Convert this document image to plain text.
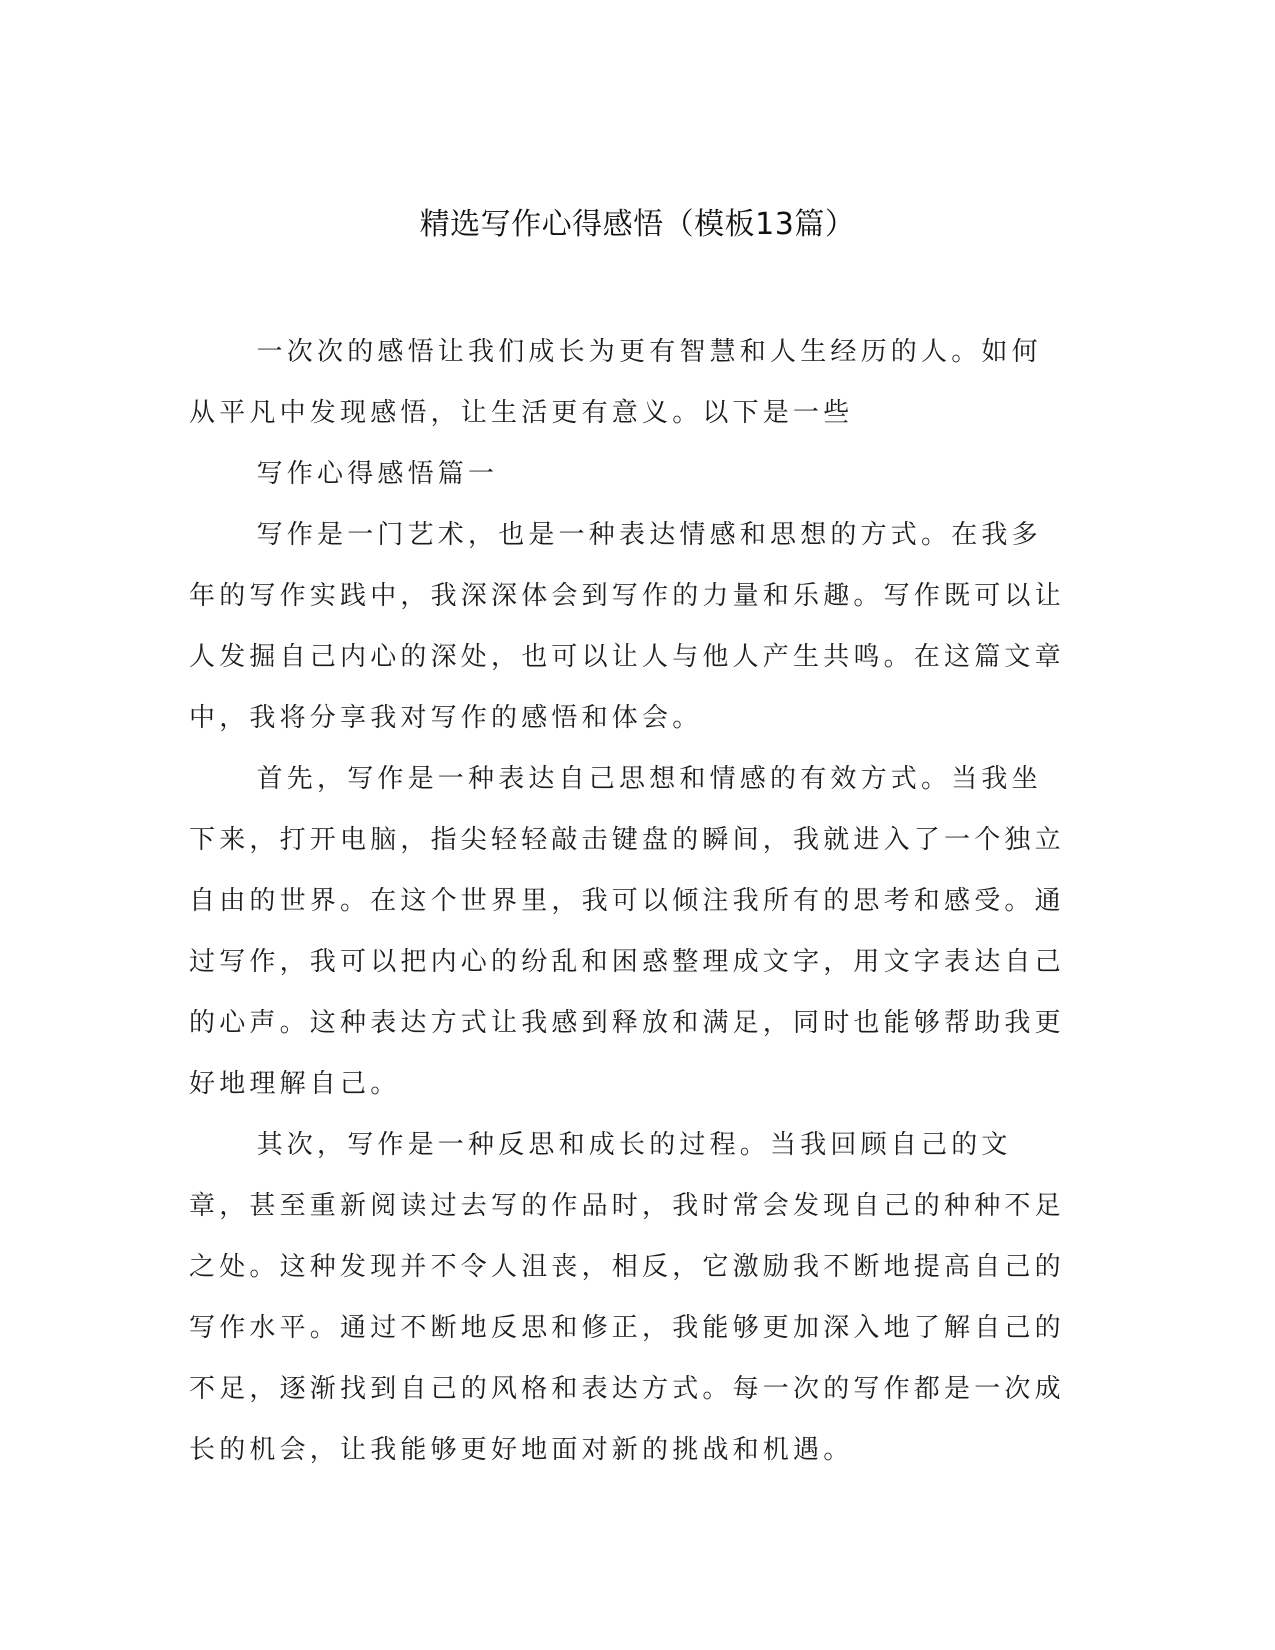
精选写作心得感悟（模板13篇）

一次次的感悟让我们成长为更有智慧和人生经历的人。如何从平凡中发现感悟，让生活更有意义。以下是一些

写作心得感悟篇一

写作是一门艺术，也是一种表达情感和思想的方式。在我多年的写作实践中，我深深体会到写作的力量和乐趣。写作既可以让人发掘自己内心的深处，也可以让人与他人产生共鸣。在这篇文章中，我将分享我对写作的感悟和体会。

首先，写作是一种表达自己思想和情感的有效方式。当我坐下来，打开电脑，指尖轻轻敲击键盘的瞬间，我就进入了一个独立自由的世界。在这个世界里，我可以倾注我所有的思考和感受。通过写作，我可以把内心的纷乱和困惑整理成文字，用文字表达自己的心声。这种表达方式让我感到释放和满足，同时也能够帮助我更好地理解自己。

其次，写作是一种反思和成长的过程。当我回顾自己的文章，甚至重新阅读过去写的作品时，我时常会发现自己的种种不足之处。这种发现并不令人沮丧，相反，它激励我不断地提高自己的写作水平。通过不断地反思和修正，我能够更加深入地了解自己的不足，逐渐找到自己的风格和表达方式。每一次的写作都是一次成长的机会，让我能够更好地面对新的挑战和机遇。
